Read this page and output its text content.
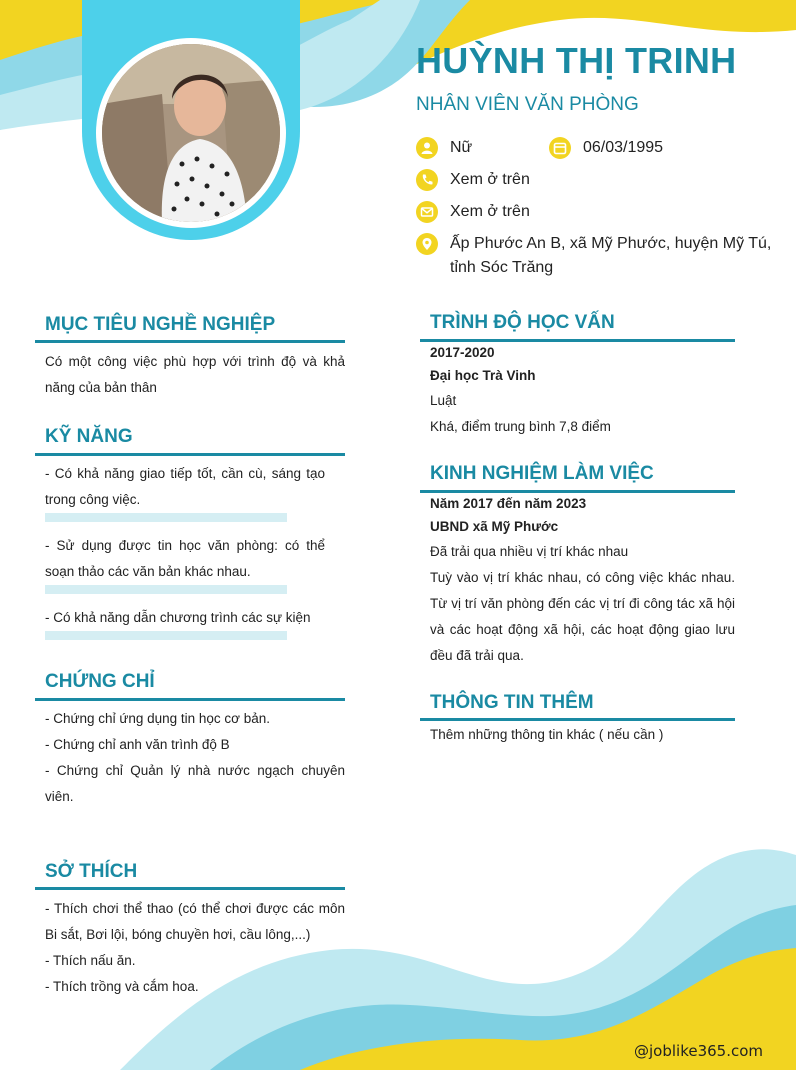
HUỲNH THỊ TRINH
NHÂN VIÊN VĂN PHÒNG
Nữ	06/03/1995
Xem ở trên
Xem ở trên
Ấp Phước An B, xã Mỹ Phước, huyện Mỹ Tú,
tỉnh Sóc Trăng
MỤC TIÊU NGHỀ NGHIỆP
Có một công việc phù hợp với trình độ và khả năng của bản thân
KỸ NĂNG
- Có khả năng giao tiếp tốt, cần cù, sáng tạo trong công việc.
- Sử dụng được tin học văn phòng: có thể soạn thảo các văn bản khác nhau.
- Có khả năng dẫn chương trình các sự kiện
CHỨNG CHỈ
- Chứng chỉ ứng dụng tin học cơ bản.
- Chứng chỉ anh văn trình độ B
- Chứng chỉ Quản lý nhà nước ngạch chuyên viên.
SỞ THÍCH
- Thích chơi thể thao (có thể chơi được các môn Bi sắt, Bơi lội, bóng chuyền hơi, cầu lông,...)
- Thích nấu ăn.
- Thích trồng và cắm hoa.
TRÌNH ĐỘ HỌC VẤN
2017-2020
Đại học Trà Vinh
Luật
Khá, điểm trung bình 7,8 điểm
KINH NGHIỆM LÀM VIỆC
Năm 2017 đến năm 2023
UBND xã Mỹ Phước
Đã trải qua nhiều vị trí khác nhau
Tuỳ vào vị trí khác nhau, có công việc khác nhau. Từ vị trí văn phòng đến các vị trí đi công tác xã hội và các hoạt động xã hội, các hoạt động giao lưu đều đã trải qua.
THÔNG TIN THÊM
Thêm những thông tin khác ( nếu cần )
@joblike365.com
